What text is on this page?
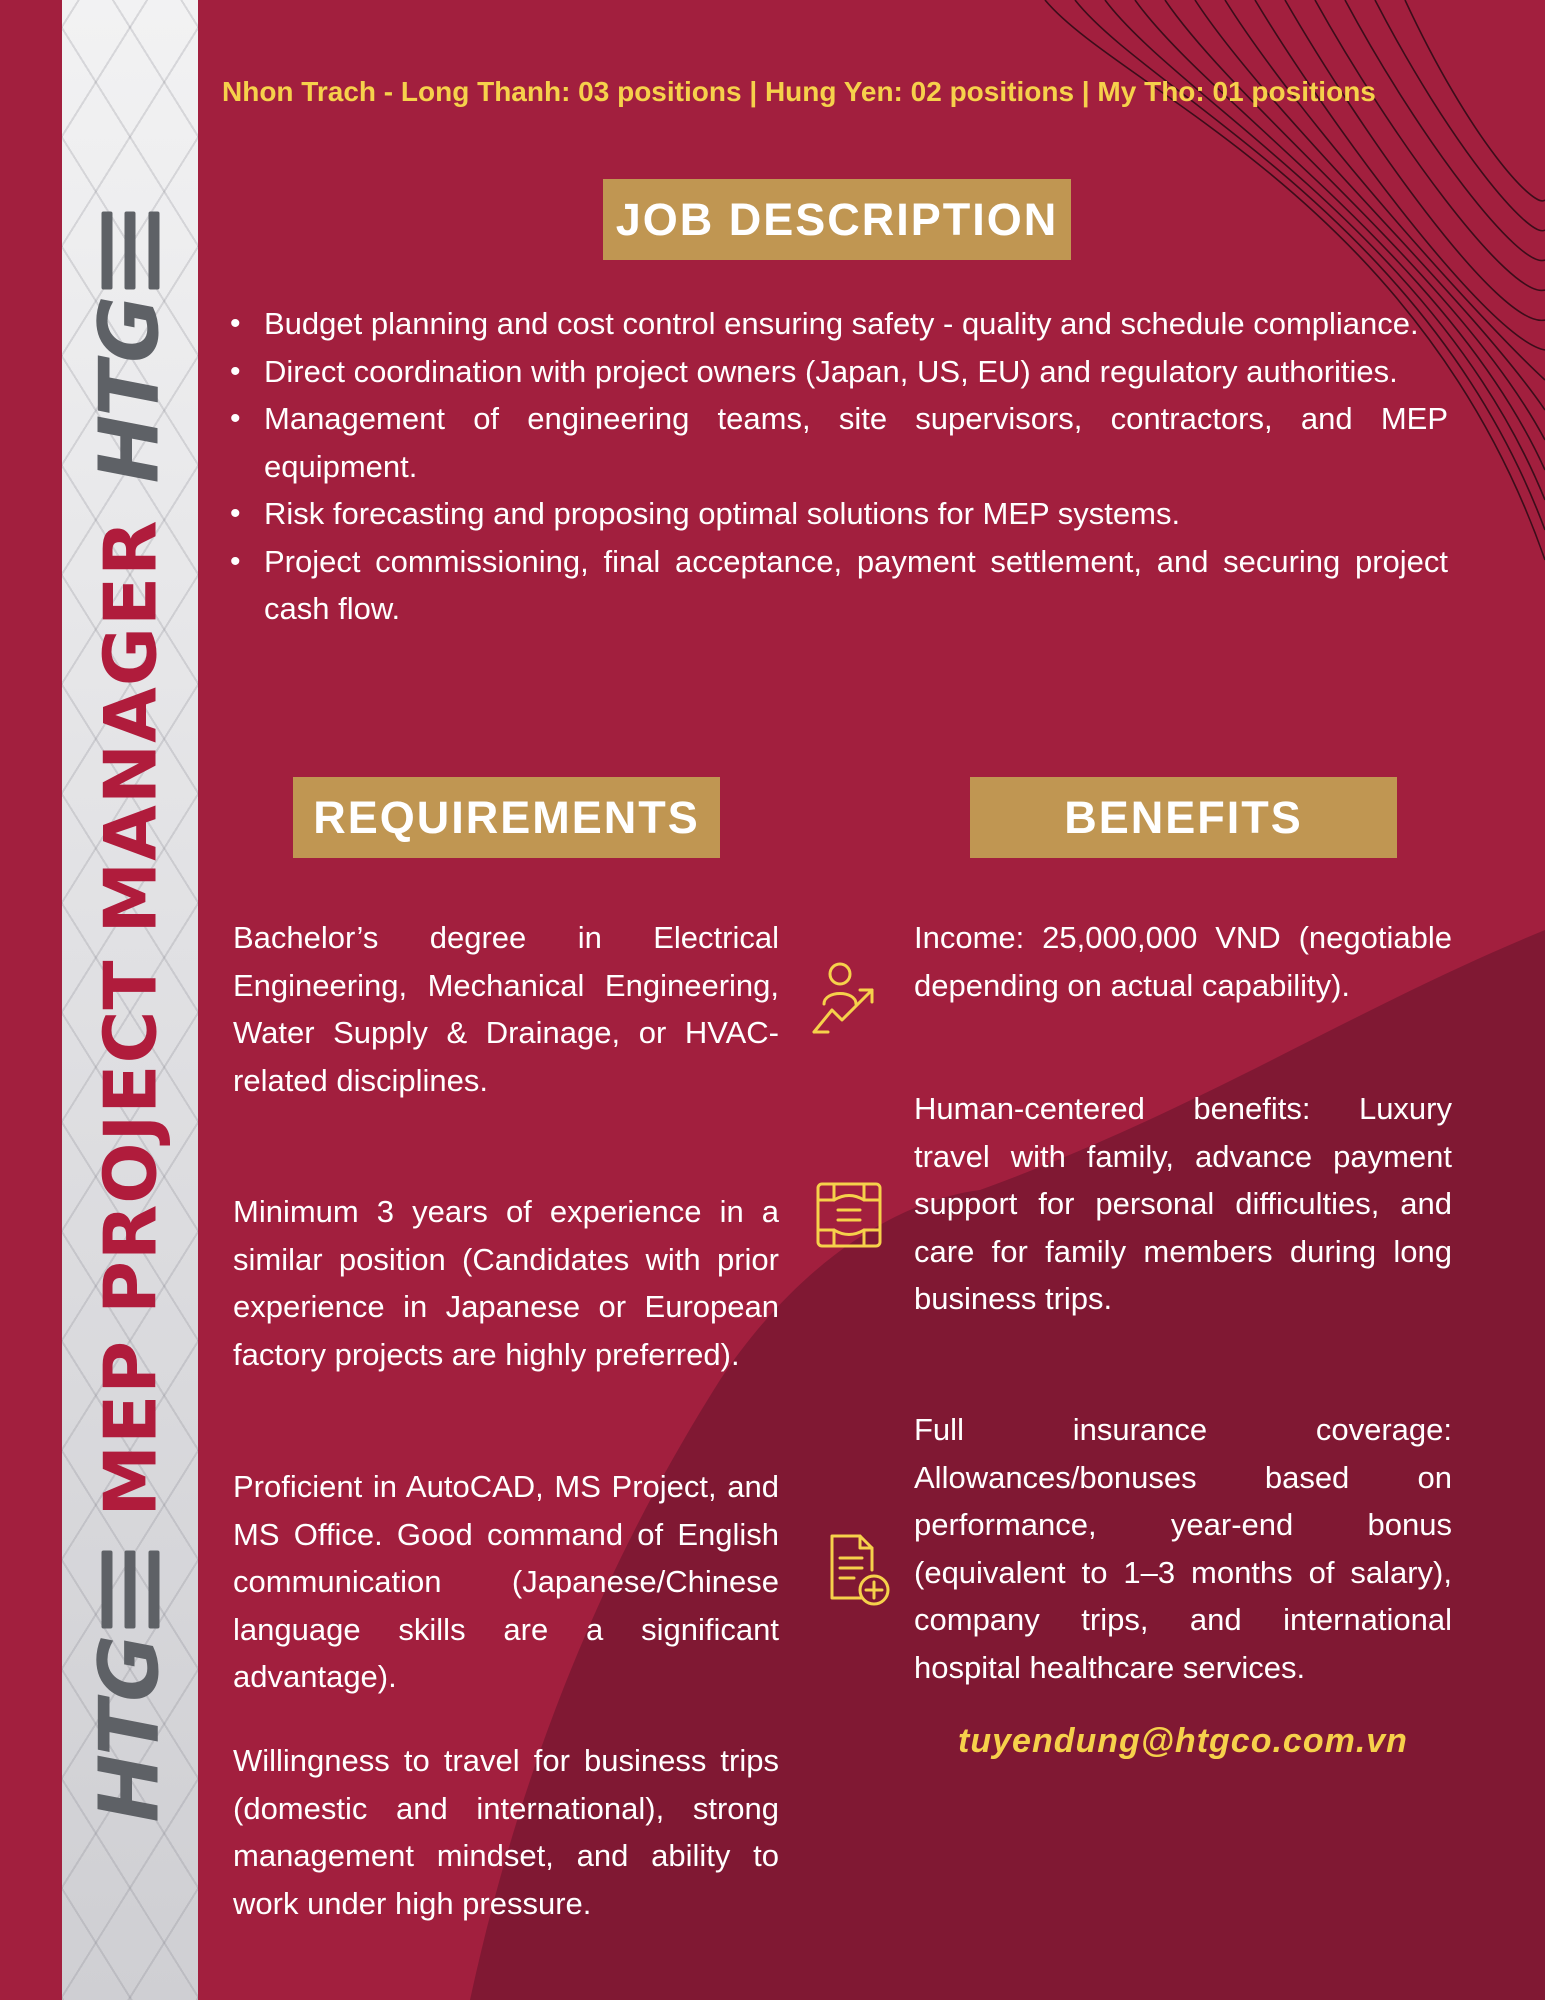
HTG
MEP PROJECT MANAGER
HTG
Nhon Trach - Long Thanh: 03 positions | Hung Yen: 02 positions | My Tho: 01 positions
JOB DESCRIPTION
• Budget planning and cost control ensuring safety - quality and schedule compliance.
• Direct coordination with project owners (Japan, US, EU) and regulatory authorities.
• Management of engineering teams, site supervisors, contractors, and MEP equipment.
• Risk forecasting and proposing optimal solutions for MEP systems.
• Project commissioning, final acceptance, payment settlement, and securing project cash flow.
REQUIREMENTS	BENEFITS

Bachelor’s degree in Electrical Engineering, Mechanical Engineering, Water Supply & Drainage, or HVAC-related disciplines.

Minimum 3 years of experience in a similar position (Candidates with prior experience in Japanese or European factory projects are highly preferred).

Proficient in AutoCAD, MS Project, and MS Office. Good command of English communication (Japanese/Chinese language skills are a significant advantage).

Willingness to travel for business trips (domestic and international), strong management mindset, and ability to work under high pressure.

Income: 25,000,000 VND (negotiable depending on actual capability).

Human-centered benefits: Luxury travel with family, advance payment support for personal difficulties, and care for family members during long business trips.

Full insurance coverage: Allowances/bonuses based on performance, year-end bonus (equivalent to 1–3 months of salary), company trips, and international hospital healthcare services.

tuyendung@htgco.com.vn
